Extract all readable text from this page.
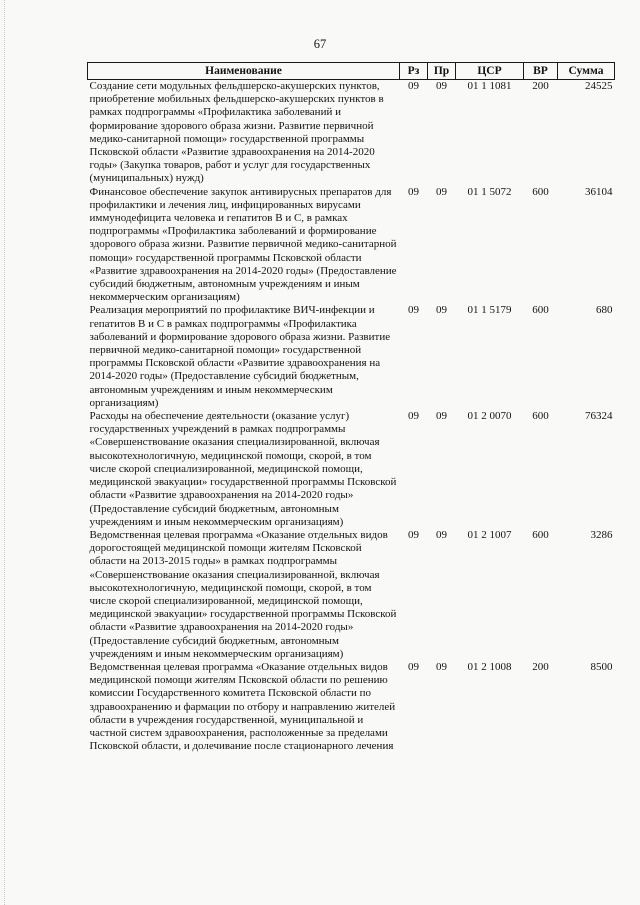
67
Наименование	Рз	Пр	ЦСР	ВР	Сумма
Создание сети модульных фельдшерско-акушерских пунктов, приобретение мобильных фельдшерско-акушерских пунктов в рамках подпрограммы «Профилактика заболеваний и формирование здорового образа жизни. Развитие первичной медико-санитарной помощи» государственной программы Псковской области «Развитие здравоохранения на 2014-2020 годы» (Закупка товаров, работ и услуг для государственных (муниципальных) нужд)	09	09	01 1 1081	200	24525
Финансовое обеспечение закупок антивирусных препаратов для профилактики и лечения лиц, инфицированных вирусами иммунодефицита человека и гепатитов В и С, в рамках подпрограммы «Профилактика заболеваний и формирование здорового образа жизни. Развитие первичной медико-санитарной помощи» государственной программы Псковской области «Развитие здравоохранения на 2014-2020 годы» (Предоставление субсидий бюджетным, автономным учреждениям и иным некоммерческим организациям)	09	09	01 1 5072	600	36104
Реализация мероприятий по профилактике ВИЧ-инфекции и гепатитов В и С в рамках подпрограммы «Профилактика заболеваний и формирование здорового образа жизни. Развитие первичной медико-санитарной помощи» государственной программы Псковской области «Развитие здравоохранения на 2014-2020 годы» (Предоставление субсидий бюджетным, автономным учреждениям и иным некоммерческим организациям)	09	09	01 1 5179	600	680
Расходы на обеспечение деятельности (оказание услуг) государственных учреждений в рамках подпрограммы «Совершенствование оказания специализированной, включая высокотехнологичную, медицинской помощи, скорой, в том числе скорой специализированной, медицинской помощи, медицинской эвакуации» государственной программы Псковской области «Развитие здравоохранения на 2014-2020 годы» (Предоставление субсидий бюджетным, автономным учреждениям и иным некоммерческим организациям)	09	09	01 2 0070	600	76324
Ведомственная целевая программа «Оказание отдельных видов дорогостоящей медицинской помощи жителям Псковской области на 2013-2015 годы» в рамках подпрограммы «Совершенствование оказания специализированной, включая высокотехнологичную, медицинской помощи, скорой, в том числе скорой специализированной, медицинской помощи, медицинской эвакуации» государственной программы Псковской области «Развитие здравоохранения на 2014-2020 годы» (Предоставление субсидий бюджетным, автономным учреждениям и иным некоммерческим организациям)	09	09	01 2 1007	600	3286
Ведомственная целевая программа «Оказание отдельных видов медицинской помощи жителям Псковской области по решению комиссии Государственного комитета Псковской области по здравоохранению и фармации по отбору и направлению жителей области в учреждения государственной, муниципальной и частной систем здравоохранения, расположенные за пределами Псковской области, и долечивание после стационарного лечения	09	09	01 2 1008	200	8500
